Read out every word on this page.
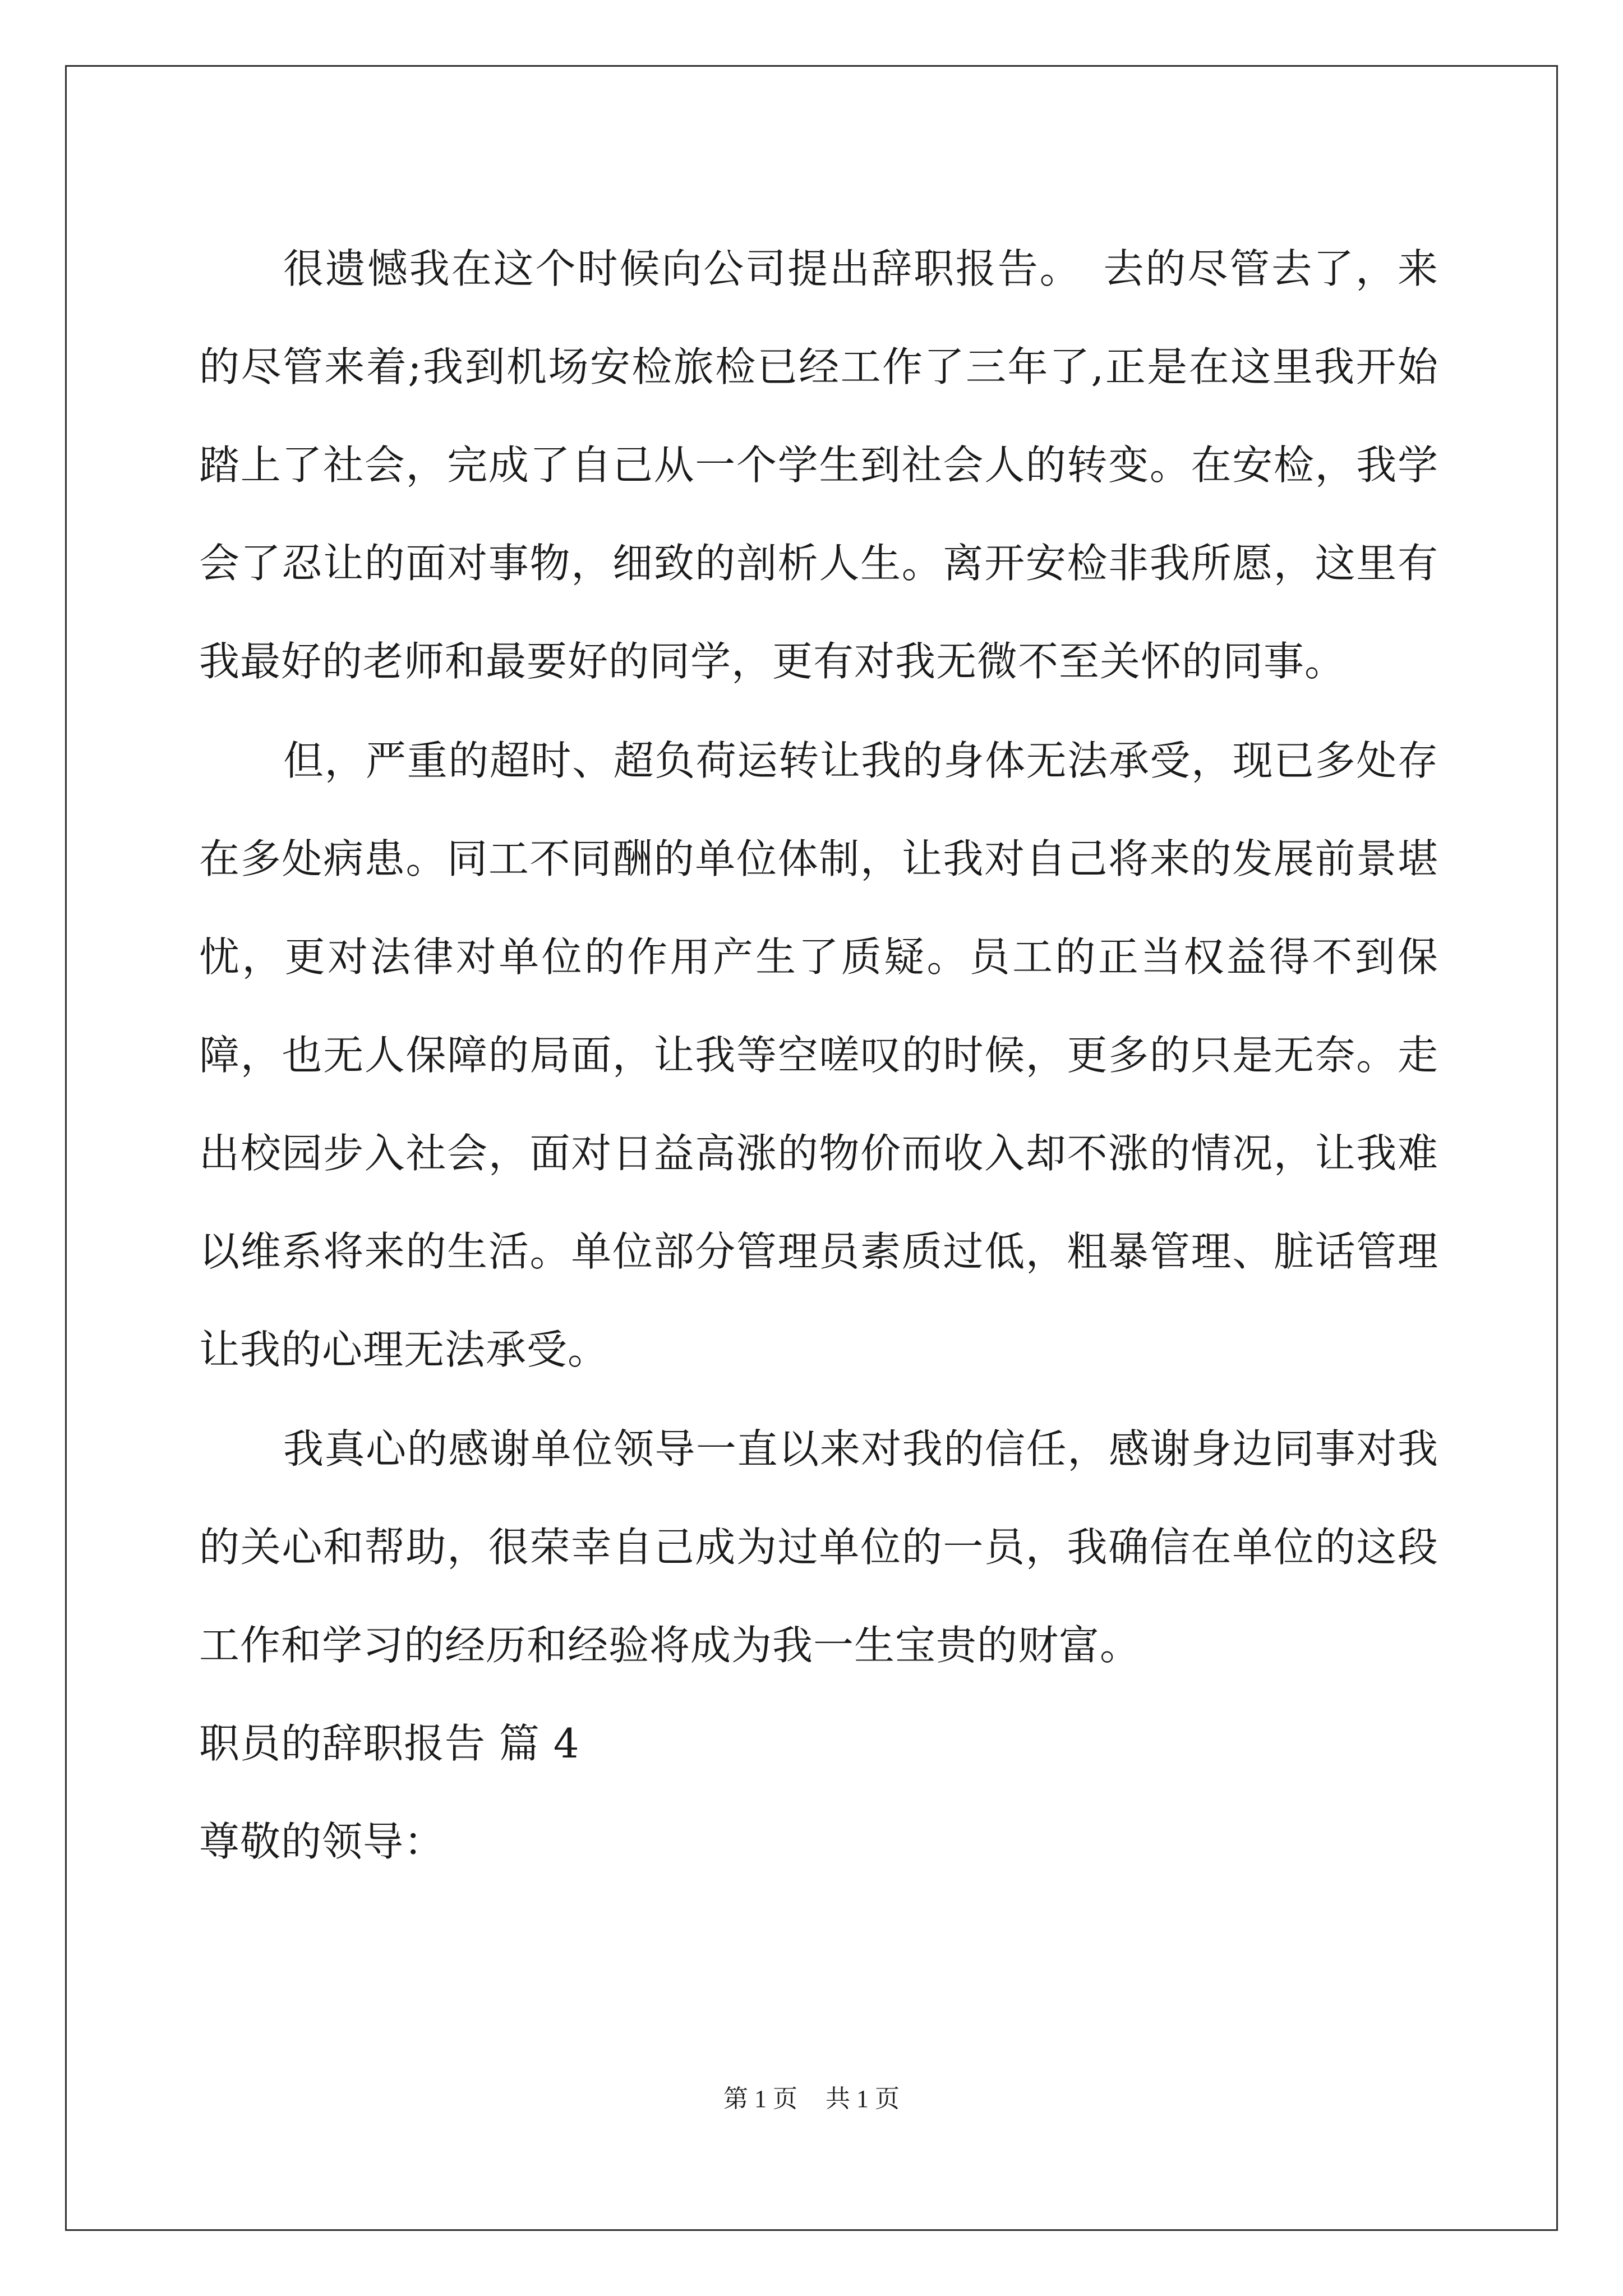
很遗憾我在这个时候向公司提出辞职报告。　去的尽管去了，来的尽管来着;我到机场安检旅检已经工作了三年了,正是在这里我开始踏上了社会，完成了自己从一个学生到社会人的转变。在安检，我学会了忍让的面对事物，细致的剖析人生。离开安检非我所愿，这里有我最好的老师和最要好的同学，更有对我无微不至关怀的同事。

但，严重的超时、超负荷运转让我的身体无法承受，现已多处存在多处病患。同工不同酬的单位体制，让我对自己将来的发展前景堪忧，更对法律对单位的作用产生了质疑。员工的正当权益得不到保障，也无人保障的局面，让我等空嗟叹的时候，更多的只是无奈。走出校园步入社会，面对日益高涨的物价而收入却不涨的情况，让我难以维系将来的生活。单位部分管理员素质过低，粗暴管理、脏话管理让我的心理无法承受。

我真心的感谢单位领导一直以来对我的信任，感谢身边同事对我的关心和帮助，很荣幸自己成为过单位的一员，我确信在单位的这段工作和学习的经历和经验将成为我一生宝贵的财富。

职员的辞职报告 篇 4

尊敬的领导：

第 1 页 共 1 页
